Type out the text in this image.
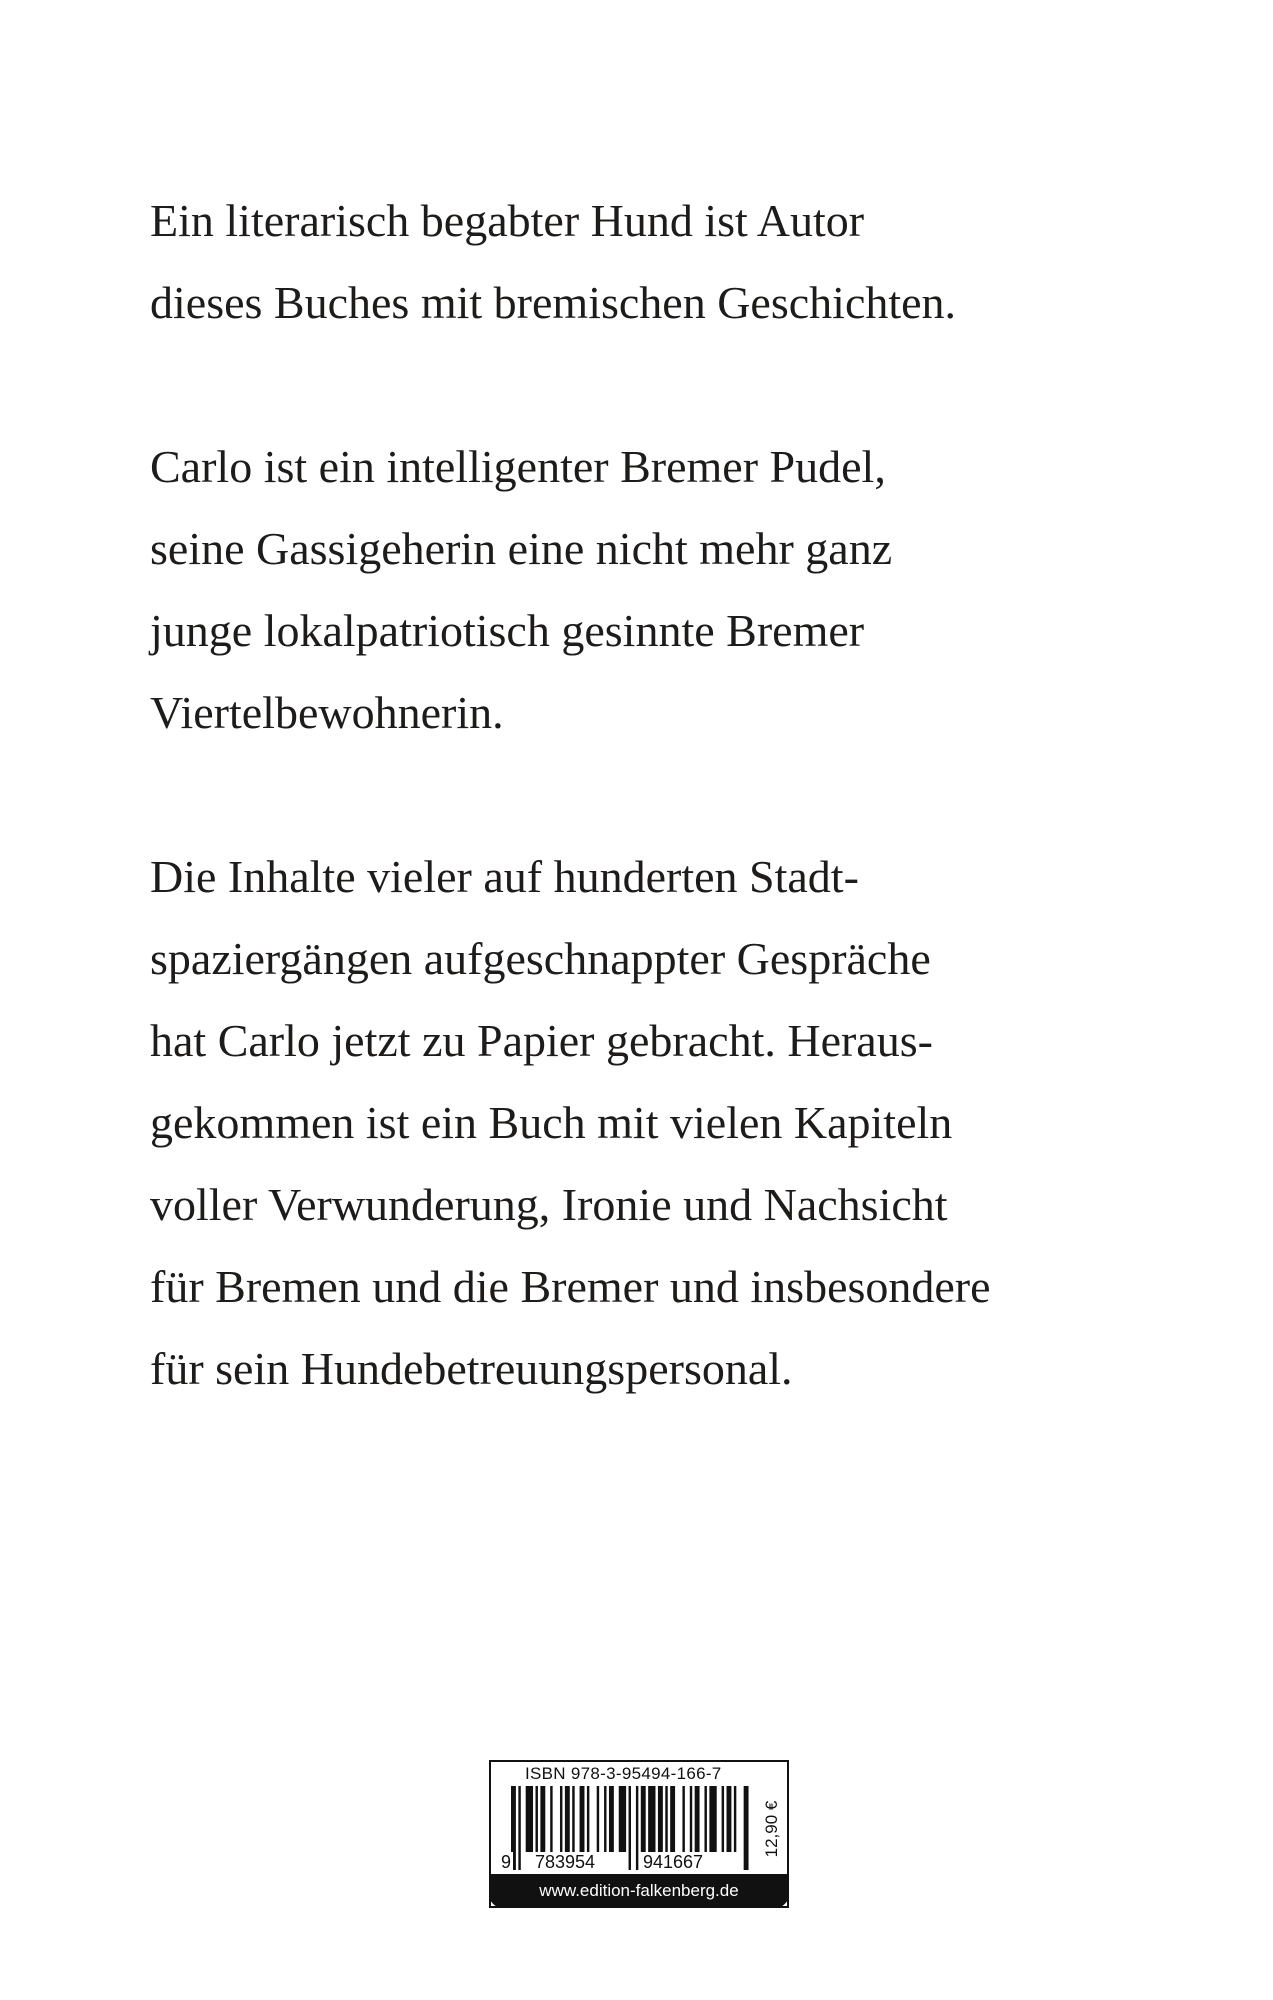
Ein literarisch begabter Hund ist Autor
dieses Buches mit bremischen Geschichten.

Carlo ist ein intelligenter Bremer Pudel,
seine Gassigeherin eine nicht mehr ganz
junge lokalpatriotisch gesinnte Bremer
Viertelbewohnerin.

Die Inhalte vieler auf hunderten Stadt-
spaziergängen aufgeschnappter Gespräche
hat Carlo jetzt zu Papier gebracht. Heraus-
gekommen ist ein Buch mit vielen Kapiteln
voller Verwunderung, Ironie und Nachsicht
für Bremen und die Bremer und insbesondere
für sein Hundebetreuungspersonal.

ISBN 978-3-95494-166-7
12,90 €
9 783954	941667
www.edition-falkenberg.de
